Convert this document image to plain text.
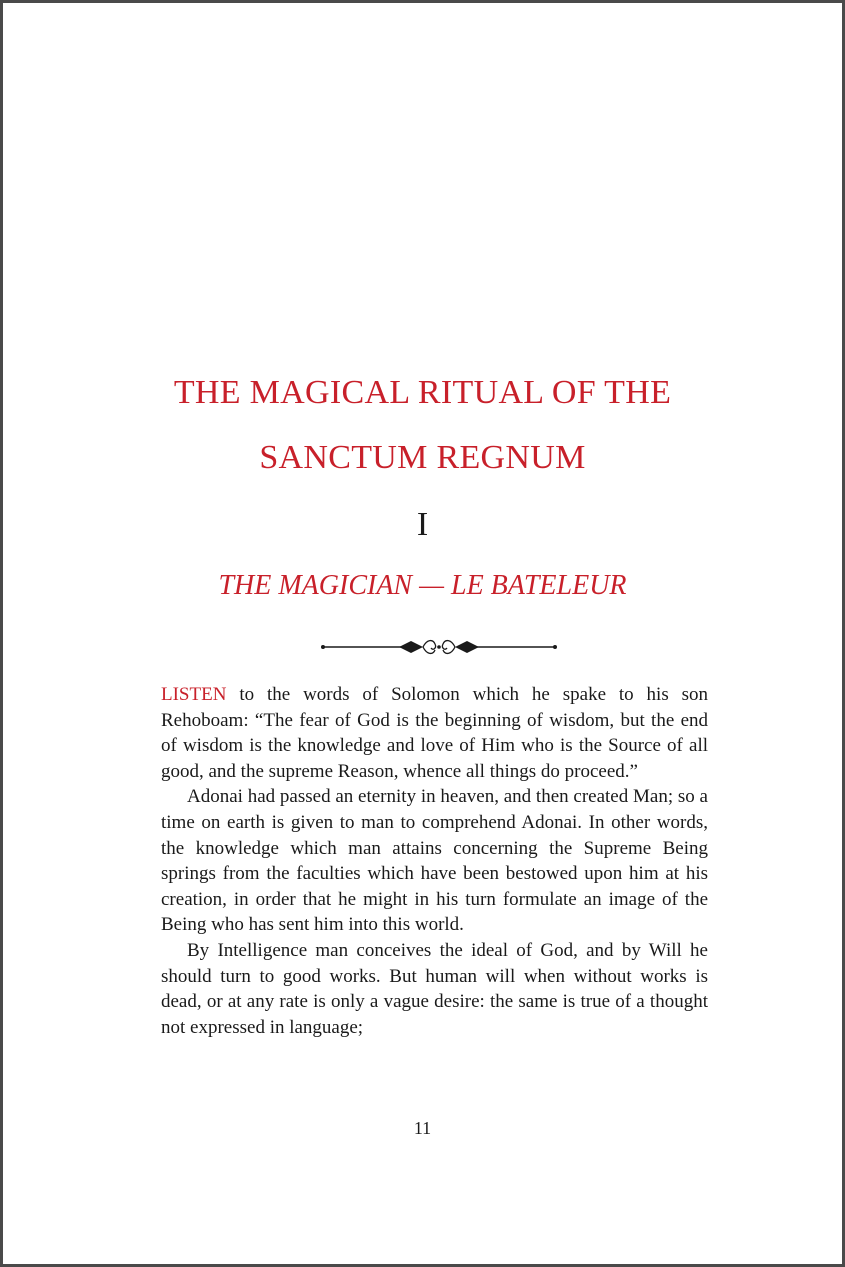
THE MAGICAL RITUAL OF THE
SANCTUM REGNUM
I
THE MAGICIAN — LE BATELEUR

LISTEN to the words of Solomon which he spake to his son Rehoboam: “The fear of God is the beginning of wisdom, but the end of wisdom is the knowledge and love of Him who is the Source of all good, and the supreme Reason, whence all things do proceed.”

Adonai had passed an eternity in heaven, and then created Man; so a time on earth is given to man to comprehend Adonai. In other words, the knowledge which man attains concerning the Supreme Being springs from the faculties which have been bestowed upon him at his creation, in order that he might in his turn formulate an image of the Being who has sent him into this world.

By Intelligence man conceives the ideal of God, and by Will he should turn to good works. But human will when without works is dead, or at any rate is only a vague desire: the same is true of a thought not expressed in language;

11
